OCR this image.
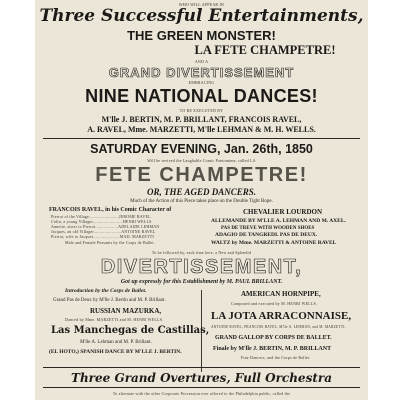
WHO WILL APPEAR IN
Three Successful Entertainments,
THE GREEN MONSTER!
LA FETE CHAMPETRE!
AND A
GRAND DIVERTISSEMENT
EMBRACING
NINE NATIONAL DANCES!
TO BE EXECUTED BY
M'lle J. BERTIN, M. P. BRILLANT, FRANCOIS RAVEL,
A. RAVEL, Mme. MARZETTI, M'lle LEHMAN & M. H. WELLS.
SATURDAY EVENING, Jan. 26th, 1850
Will be revived the Laughable Comic Pantomime, called LA
FETE CHAMPETRE!
OR, THE AGED DANCERS.
Much of the Action of this Piece takes place on the Double Tight Rope.
FRANCOIS RAVEL, in his Comic Character of
Pierrot of the Village.........................JEROME RAVEL
Colin, a young Villager.........................HENRI WELLS
Annette, sister to Pierrot...................ADELAIDE LEHMAN
Jacques, an old Villager.......................ANTOINE RAVEL
Pierrot, wife to Jacques......................MAD. MARZETTI
Male and Female Peasants by the Corps de Ballet.
CHEVALIER LOURDON
ALLEMANDE BY M'LLE A. LEHMAN AND M. AXEL.
PAS DE TREVE WITH WOODEN SHOES
ADAGIO DE TANGREDI. PAS DE DEUX.
WALTZ by Mme. MARZETTI & ANTOINE RAVEL
To be followed by, each time here, a New and Splendid
DIVERTISSEMENT,
Got up expressly for this Establishment by M. PAUL BRILLANT.
Introduction by the Corps de Ballet.
Grand Pas de Deux by M'lle J. Bertin and M. P. Brillant.
RUSSIAN MAZURKA,
Danced by Mme. MARZETTI and M. HENRI WELLS.
Las Manchegas de Castillas,
M'lle A. Lehman and M. P. Brillant.
(EL HOTO,) SPANISH DANCE BY M'LLE J. BERTIN.
AMERICAN HORNPIPE,
Composed and executed by M. HENRI WELLS.
LA JOTA ARRACONNAISE,
ANTOINE RAVEL, FRANCOIS RAVEL, M'lle A. LEHMAN, and M. MARZETTI.
GRAND GALLOP BY CORPS DE BALLET.
Finale by M'lle J. BERTIN, M. P. BRILLANT
Fine Dancers, and the Corps de Ballet.
Three Grand Overtures, Full Orchestra
To alternate with the other Corporate Procession ever offered to the Philadelphia public, called the
